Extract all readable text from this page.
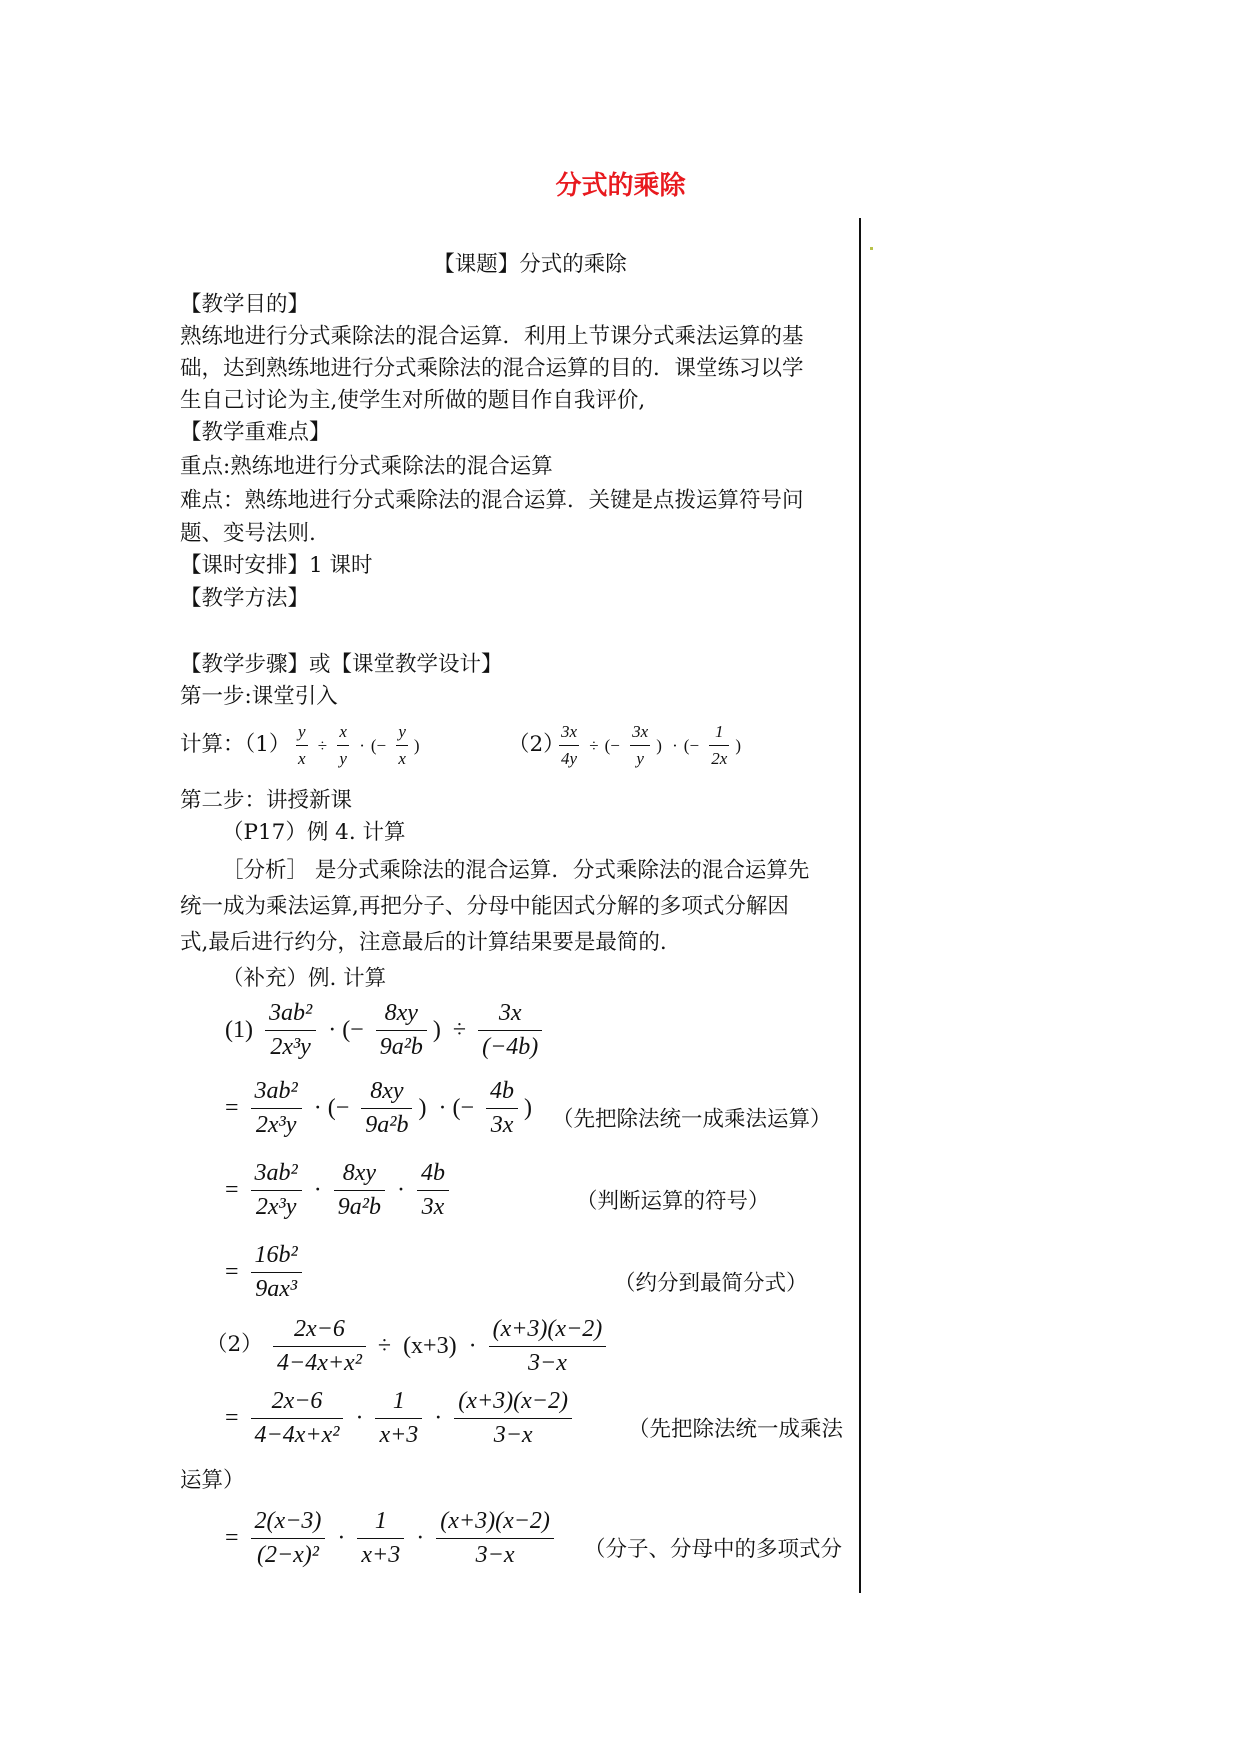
分式的乘除
【课题】分式的乘除
【教学目的】
熟练地进行分式乘除法的混合运算．利用上节课分式乘法运算的基
础，达到熟练地进行分式乘除法的混合运算的目的．课堂练习以学
生自己讨论为主,使学生对所做的题目作自我评价,
【教学重难点】
重点:熟练地进行分式乘除法的混合运算
难点：熟练地进行分式乘除法的混合运算．关键是点拨运算符号问
题、变号法则.
【课时安排】1 课时
【教学方法】
【教学步骤】或【课堂教学设计】
第一步:课堂引入
计算：$(1) \frac{y}{x} \div \frac{x}{y}$ · (− $\frac{y}{x}$ )	（2）
$\frac{3x}{4y}$ ÷ (− $\frac{3x}{y}$ ) · (− $\frac{1}{2x}$ )
第二步：讲授新课
（P17）例 4. 计算
［分析］ 是分式乘除法的混合运算．分式乘除法的混合运算先
统一成为乘法运算,再把分子、分母中能因式分解的多项式分解因
式,最后进行约分，注意最后的计算结果要是最简的.
（补充）例. 计算
$(1) \frac{\text{3ab²}}{\text{2x³y}}$ · (− $\frac{8xy}{\text{9a²b}}$ ) ÷ $\frac{3x}{(-4b)}$
= $\frac{\text{3ab²}}{\text{2x³y}}$ · (− $\frac{8xy}{\text{9a²b}}$ ) · (− $\frac{4b}{3x}$ ) （先把除法统一成乘法运算）
= $\frac{\text{3ab²}}{\text{2x³y}} \cdot \frac{8xy}{\text{9a²b}} \cdot \frac{4b}{3x}$	（判断运算的符号）
= $\frac{\text{16b²}}{\text{9ax³}}$	（约分到最简分式）
$(2) \frac{2x-6}{\text{4−4x+x²}} \div (x+3) \cdot \frac{(x+3)(x-2)}{3-x}$
= $\frac{2x-6}{\text{4−4x+x²}} \cdot \frac{1}{x+3} \cdot \frac{(x+3)(x-2)}{3-x}$	（先把除法统一成乘法
运算）
= $\frac{2(x-3)}{\text{(2−x)²}} \cdot \frac{1}{x+3} \cdot \frac{(x+3)(x-2)}{3-x}$ （分子、分母中的多项式分
